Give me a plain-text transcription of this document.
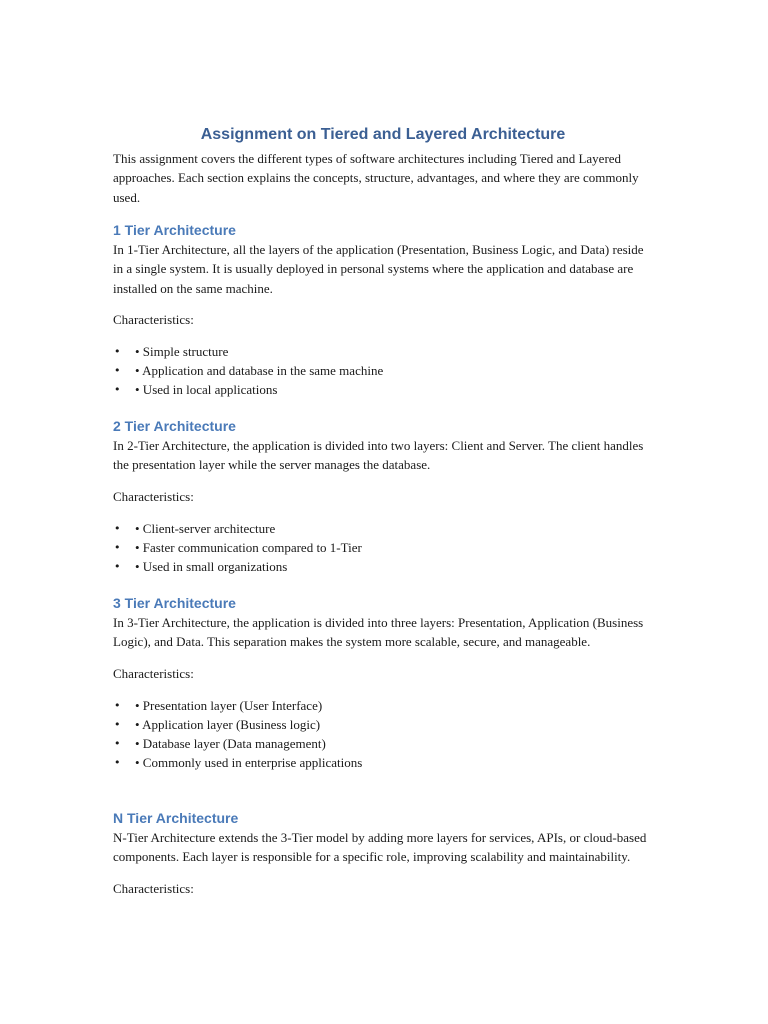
Assignment on Tiered and Layered Architecture

This assignment covers the different types of software architectures including Tiered and Layered approaches. Each section explains the concepts, structure, advantages, and where they are commonly used.

1 Tier Architecture

In 1-Tier Architecture, all the layers of the application (Presentation, Business Logic, and Data) reside in a single system. It is usually deployed in personal systems where the application and database are installed on the same machine.

Characteristics:

• • Simple structure
• • Application and database in the same machine
• • Used in local applications
2 Tier Architecture

In 2-Tier Architecture, the application is divided into two layers: Client and Server. The client handles the presentation layer while the server manages the database.

Characteristics:

• • Client-server architecture
• • Faster communication compared to 1-Tier
• • Used in small organizations
3 Tier Architecture

In 3-Tier Architecture, the application is divided into three layers: Presentation, Application (Business Logic), and Data. This separation makes the system more scalable, secure, and manageable.

Characteristics:

• • Presentation layer (User Interface)
• • Application layer (Business logic)
• • Database layer (Data management)
• • Commonly used in enterprise applications
N Tier Architecture

N-Tier Architecture extends the 3-Tier model by adding more layers for services, APIs, or cloud-based components. Each layer is responsible for a specific role, improving scalability and maintainability.

Characteristics:
